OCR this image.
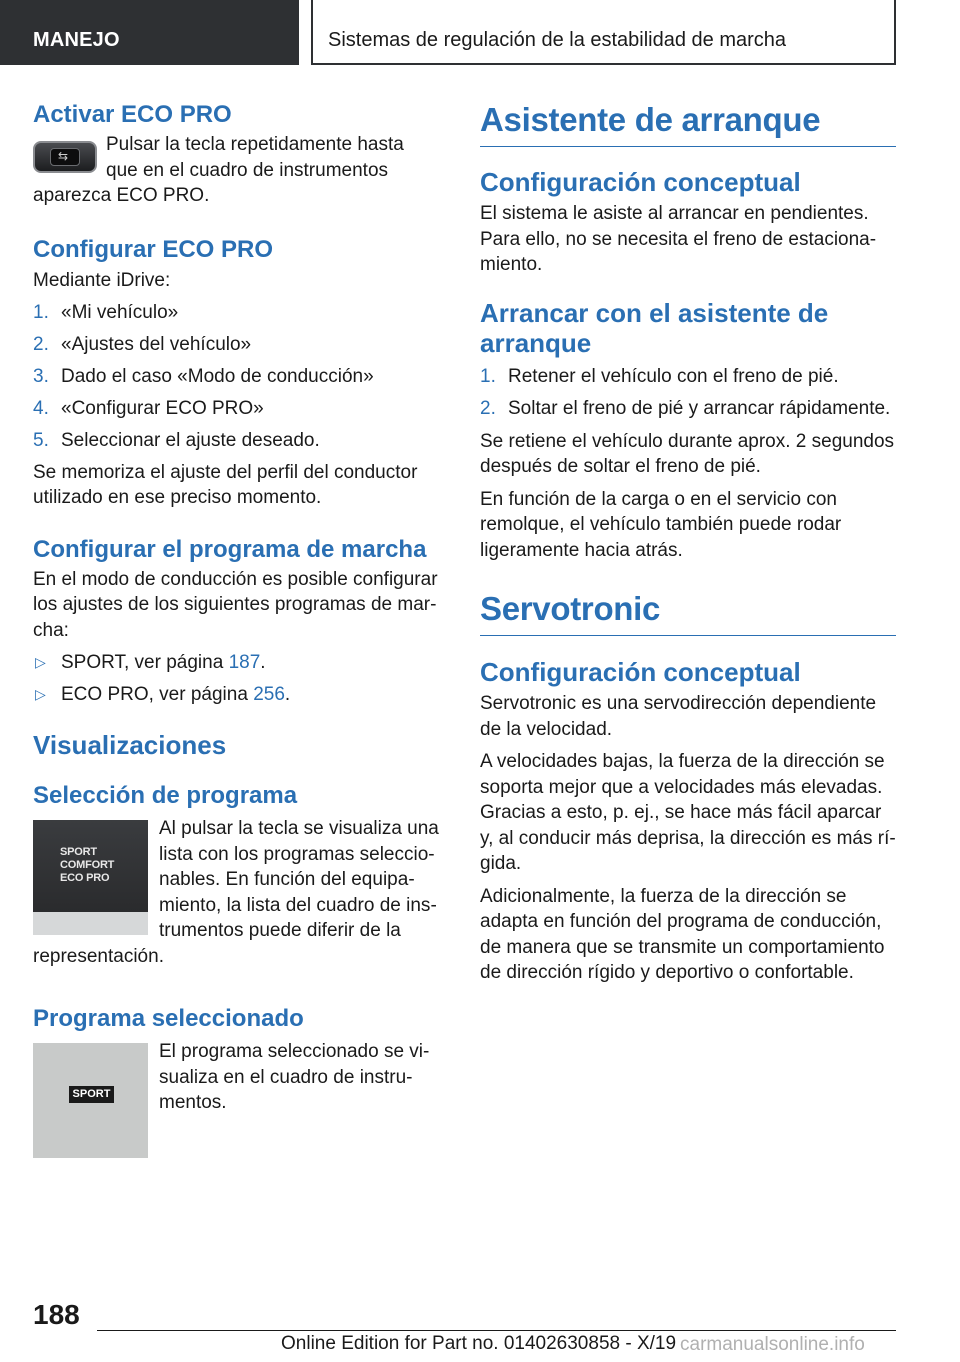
MANEJO	Sistemas de regulación de la estabilidad de marcha
Activar ECO PRO
⇆

Pulsar la tecla repetidamente hasta que en el cuadro de instrumentos aparezca ECO PRO.

Configurar ECO PRO

Mediante iDrive:

1. «Mi vehículo»
2. «Ajustes del vehículo»
3. Dado el caso «Modo de conducción»
4. «Configurar ECO PRO»
5. Seleccionar el ajuste deseado.

Se memoriza el ajuste del perfil del conductor utilizado en ese preciso momento.

Configurar el programa de marcha

En el modo de conducción es posible configurar los ajustes de los siguientes programas de marcha:

▷ SPORT, ver página 187.
▷ ECO PRO, ver página 256.
Visualizaciones
Selección de programa
SPORT
COMFORT
ECO PRO

Al pulsar la tecla se visualiza una lista con los programas seleccionables. En función del equipamiento, la lista del cuadro de instrumentos puede diferir de la representación.

Programa seleccionado
SPORT

El programa seleccionado se visualiza en el cuadro de instrumentos.

Asistente de arranque
Configuración conceptual

El sistema le asiste al arrancar en pendientes. Para ello, no se necesita el freno de estacionamiento.

Arrancar con el asistente de arranque
1. Retener el vehículo con el freno de pié.
2. Soltar el freno de pié y arrancar rápidamente.

Se retiene el vehículo durante aprox. 2 segundos después de soltar el freno de pié.

En función de la carga o en el servicio con remolque, el vehículo también puede rodar ligeramente hacia atrás.

Servotronic
Configuración conceptual

Servotronic es una servodirección dependiente de la velocidad.

A velocidades bajas, la fuerza de la dirección se soporta mejor que a velocidades más elevadas. Gracias a esto, p. ej., se hace más fácil aparcar y, al conducir más deprisa, la dirección es más rígida.

Adicionalmente, la fuerza de la dirección se adapta en función del programa de conducción, de manera que se transmite un comportamiento de dirección rígido y deportivo o confortable.

188
Online Edition for Part no. 01402630858 - X/19 carmanualsonline.info
